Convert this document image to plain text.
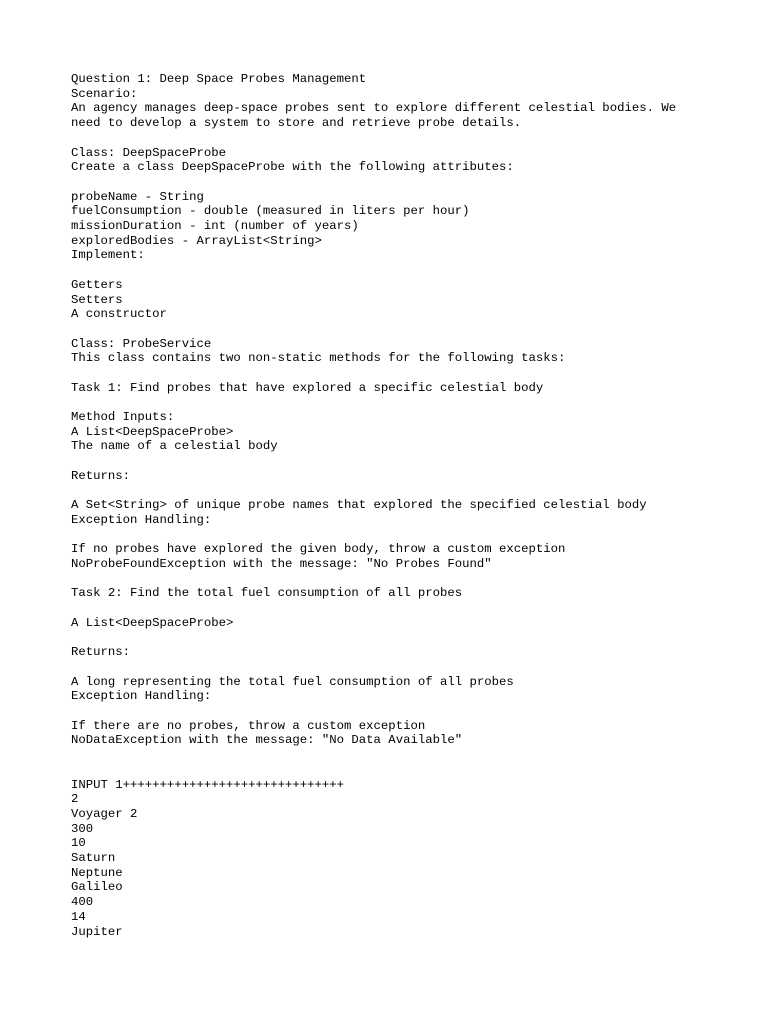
Question 1: Deep Space Probes Management
Scenario:
An agency manages deep-space probes sent to explore different celestial bodies. We
need to develop a system to store and retrieve probe details.
Class: DeepSpaceProbe
Create a class DeepSpaceProbe with the following attributes:
probeName - String
fuelConsumption - double (measured in liters per hour)
missionDuration - int (number of years)
exploredBodies - ArrayList<String>
Implement:
Getters
Setters
A constructor
Class: ProbeService
This class contains two non-static methods for the following tasks:
Task 1: Find probes that have explored a specific celestial body
Method Inputs:
A List<DeepSpaceProbe>
The name of a celestial body
Returns:
A Set<String> of unique probe names that explored the specified celestial body
Exception Handling:
If no probes have explored the given body, throw a custom exception
NoProbeFoundException with the message: "No Probes Found"
Task 2: Find the total fuel consumption of all probes
A List<DeepSpaceProbe>
Returns:
A long representing the total fuel consumption of all probes
Exception Handling:
If there are no probes, throw a custom exception
NoDataException with the message: "No Data Available"
INPUT 1++++++++++++++++++++++++++++++
2
Voyager 2
300
10
Saturn
Neptune
Galileo
400
14
Jupiter
